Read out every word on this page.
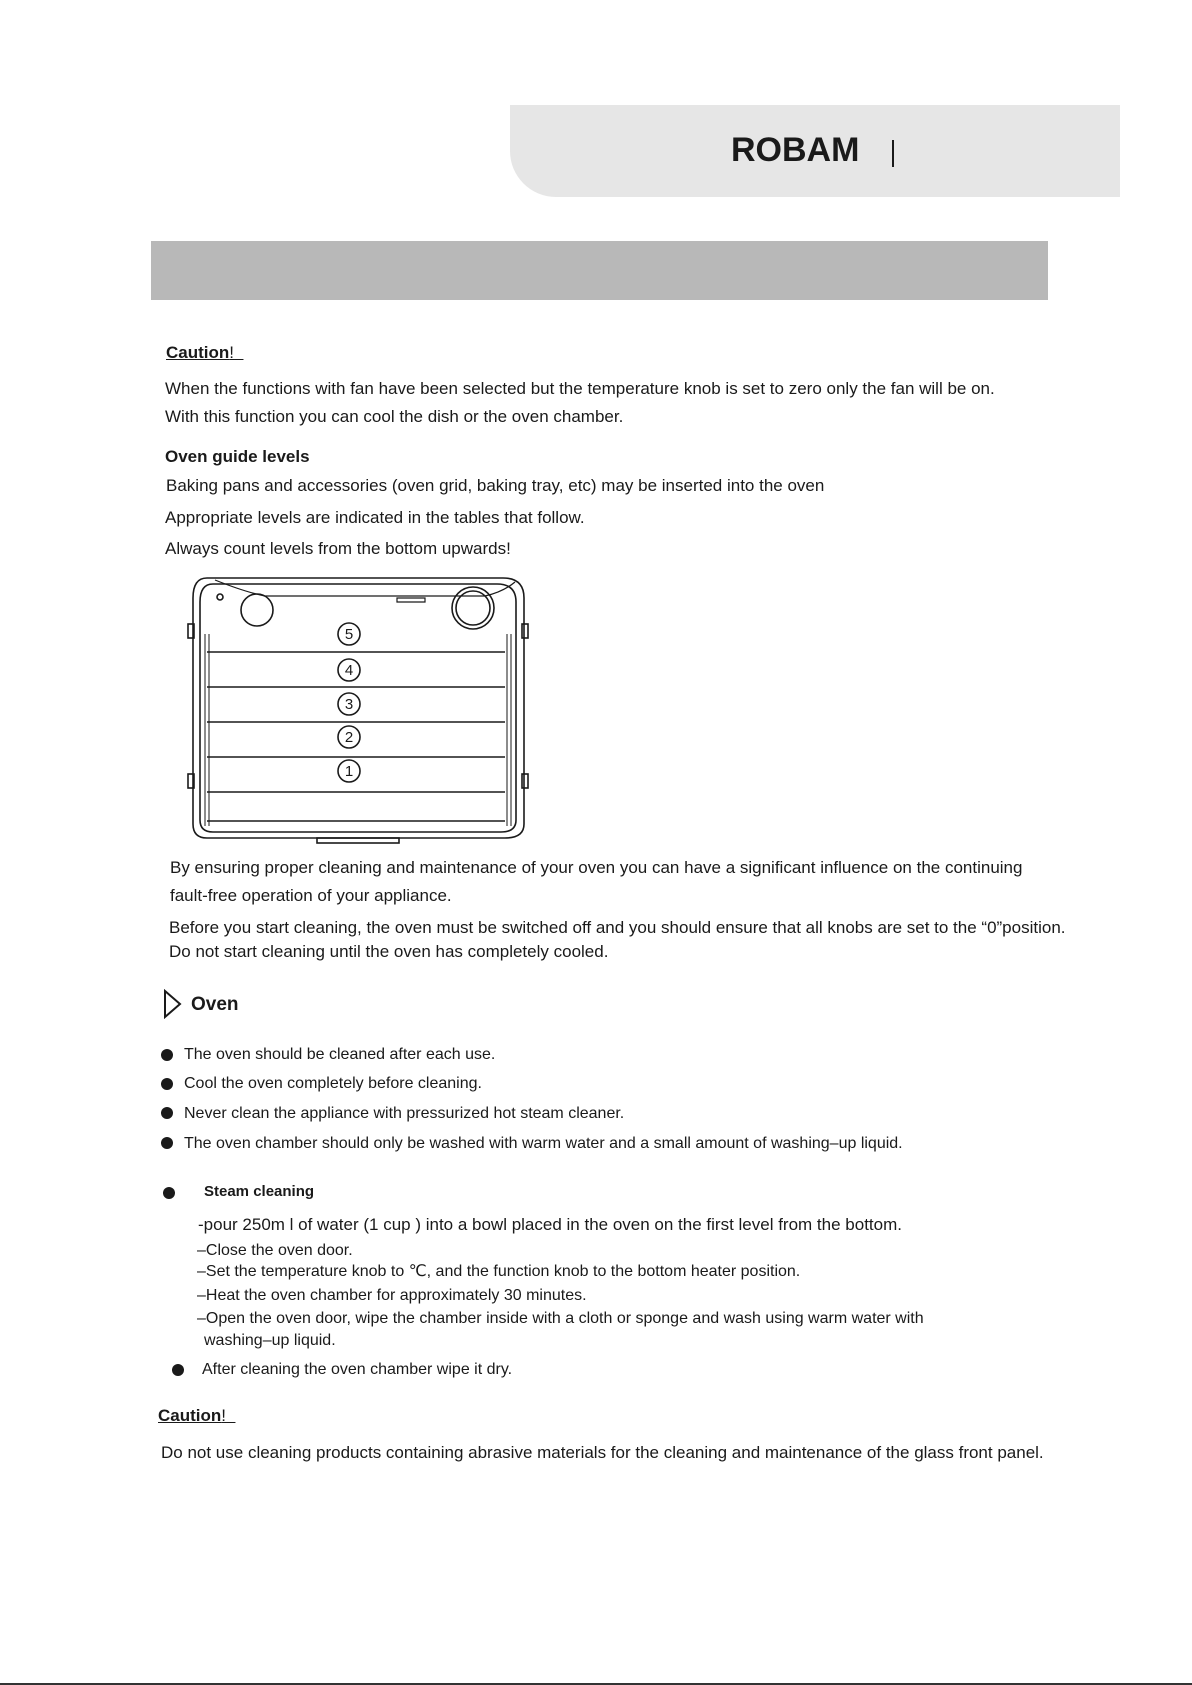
ROBAM
Caution!
When the functions with fan have been selected but the temperature knob is set to zero only the fan will be on.
With this function you can cool the dish or the oven chamber.
Oven guide levels
Baking pans and accessories (oven grid, baking tray, etc) may be inserted into the oven
Appropriate levels are indicated in the tables that follow.
Always count levels from the bottom upwards!
5
4
3
2
1
By ensuring proper cleaning and maintenance of your oven you can have a significant influence on the continuing
fault-free operation of your appliance.
Before you start cleaning, the oven must be switched off and you should ensure that all knobs are set to the “0”position.
Do not start cleaning until the oven has completely cooled.
Oven
The oven should be cleaned after each use.
Cool the oven completely before cleaning.
Never clean the appliance with pressurized hot steam cleaner.
The oven chamber should only be washed with warm water and a small amount of washing–up liquid.
Steam cleaning
-pour 250m l of water (1 cup ) into a bowl placed in the oven on the first level from the bottom.
–Close the oven door.
–Set the temperature knob to ℃, and the function knob to the bottom heater position.
–Heat the oven chamber for approximately 30 minutes.
–Open the oven door, wipe the chamber inside with a cloth or sponge and wash using warm water with
washing–up liquid.
After cleaning the oven chamber wipe it dry.
Caution!
Do not use cleaning products containing abrasive materials for the cleaning and maintenance of the glass front panel.
